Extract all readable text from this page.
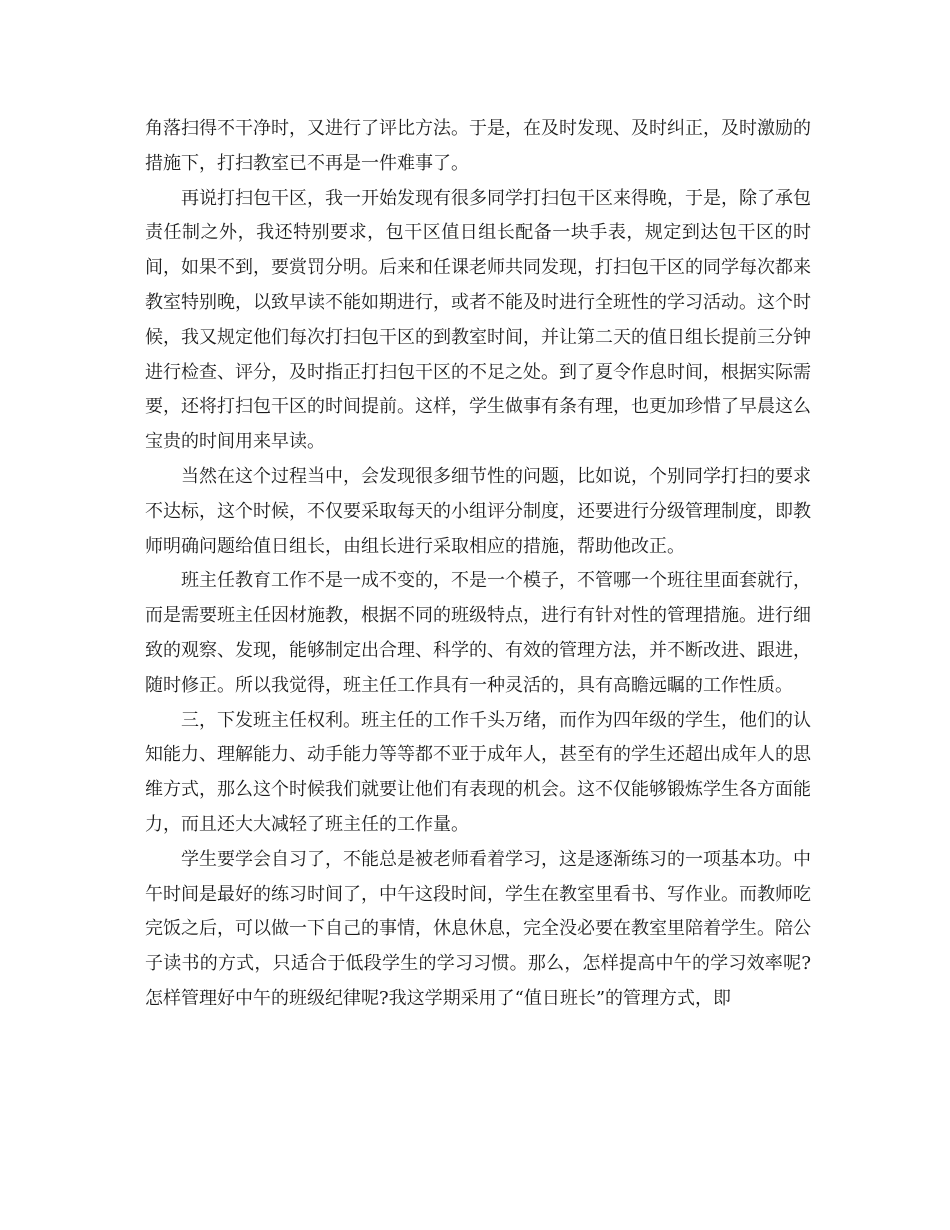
角落扫得不干净时，又进行了评比方法。于是，在及时发现、及时纠正，及时激励的措施下，打扫教室已不再是一件难事了。

再说打扫包干区，我一开始发现有很多同学打扫包干区来得晚，于是，除了承包责任制之外，我还特别要求，包干区值日组长配备一块手表，规定到达包干区的时间，如果不到，要赏罚分明。后来和任课老师共同发现，打扫包干区的同学每次都来教室特别晚，以致早读不能如期进行，或者不能及时进行全班性的学习活动。这个时候，我又规定他们每次打扫包干区的到教室时间，并让第二天的值日组长提前三分钟进行检查、评分，及时指正打扫包干区的不足之处。到了夏令作息时间，根据实际需要，还将打扫包干区的时间提前。这样，学生做事有条有理，也更加珍惜了早晨这么宝贵的时间用来早读。

当然在这个过程当中，会发现很多细节性的问题，比如说，个别同学打扫的要求不达标，这个时候，不仅要采取每天的小组评分制度，还要进行分级管理制度，即教师明确问题给值日组长，由组长进行采取相应的措施，帮助他改正。

班主任教育工作不是一成不变的，不是一个模子，不管哪一个班往里面套就行，而是需要班主任因材施教，根据不同的班级特点，进行有针对性的管理措施。进行细致的观察、发现，能够制定出合理、科学的、有效的管理方法，并不断改进、跟进，随时修正。所以我觉得，班主任工作具有一种灵活的，具有高瞻远瞩的工作性质。

三，下发班主任权利。班主任的工作千头万绪，而作为四年级的学生，他们的认知能力、理解能力、动手能力等等都不亚于成年人，甚至有的学生还超出成年人的思维方式，那么这个时候我们就要让他们有表现的机会。这不仅能够锻炼学生各方面能力，而且还大大减轻了班主任的工作量。

学生要学会自习了，不能总是被老师看着学习，这是逐渐练习的一项基本功。中午时间是最好的练习时间了，中午这段时间，学生在教室里看书、写作业。而教师吃完饭之后，可以做一下自己的事情，休息休息，完全没必要在教室里陪着学生。陪公子读书的方式，只适合于低段学生的学习习惯。那么，怎样提高中午的学习效率呢?怎样管理好中午的班级纪律呢?我这学期采用了“值日班长”的管理方式，即
